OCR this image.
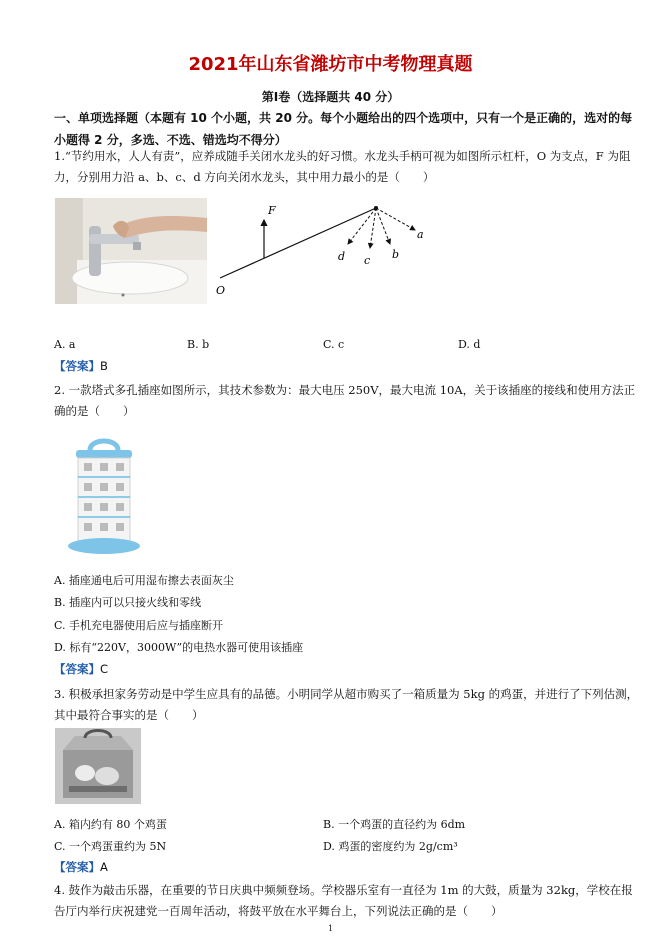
2021年山东省潍坊市中考物理真题
第Ⅰ卷（选择题共 40 分）
一、单项选择题（本题有 10 个小题，共 20 分。每个小题给出的四个选项中，只有一个是正确的，选对的每小题得 2 分，多选、不选、错选均不得分）
1.“节约用水，人人有责”，应养成随手关闭水龙头的好习惯。水龙头手柄可视为如图所示杠杆，O 为支点，F 为阻力，分别用力沿 a、b、c、d 方向关闭水龙头，其中用力最小的是（　　）
F
O
a
b
c
d
A. a	B. b	C. c	D. d
【答案】B
2. 一款塔式多孔插座如图所示，其技术参数为：最大电压 250V，最大电流 10A，关于该插座的接线和使用方法正确的是（　　）
A. 插座通电后可用湿布擦去表面灰尘
B. 插座内可以只接火线和零线
C. 手机充电器使用后应与插座断开
D. 标有“220V，3000W”的电热水器可使用该插座
【答案】C
3. 积极承担家务劳动是中学生应具有的品德。小明同学从超市购买了一箱质量为 5kg 的鸡蛋，并进行了下列估测，其中最符合事实的是（　　）
A. 箱内约有 80 个鸡蛋	B. 一个鸡蛋的直径约为 6dm
C. 一个鸡蛋重约为 5N	D. 鸡蛋的密度约为 2g/cm³
【答案】A
4. 鼓作为敲击乐器，在重要的节日庆典中频频登场。学校器乐室有一直径为 1m 的大鼓，质量为 32kg，学校在报告厅内举行庆祝建党一百周年活动，将鼓平放在水平舞台上，下列说法正确的是（　　）
1
